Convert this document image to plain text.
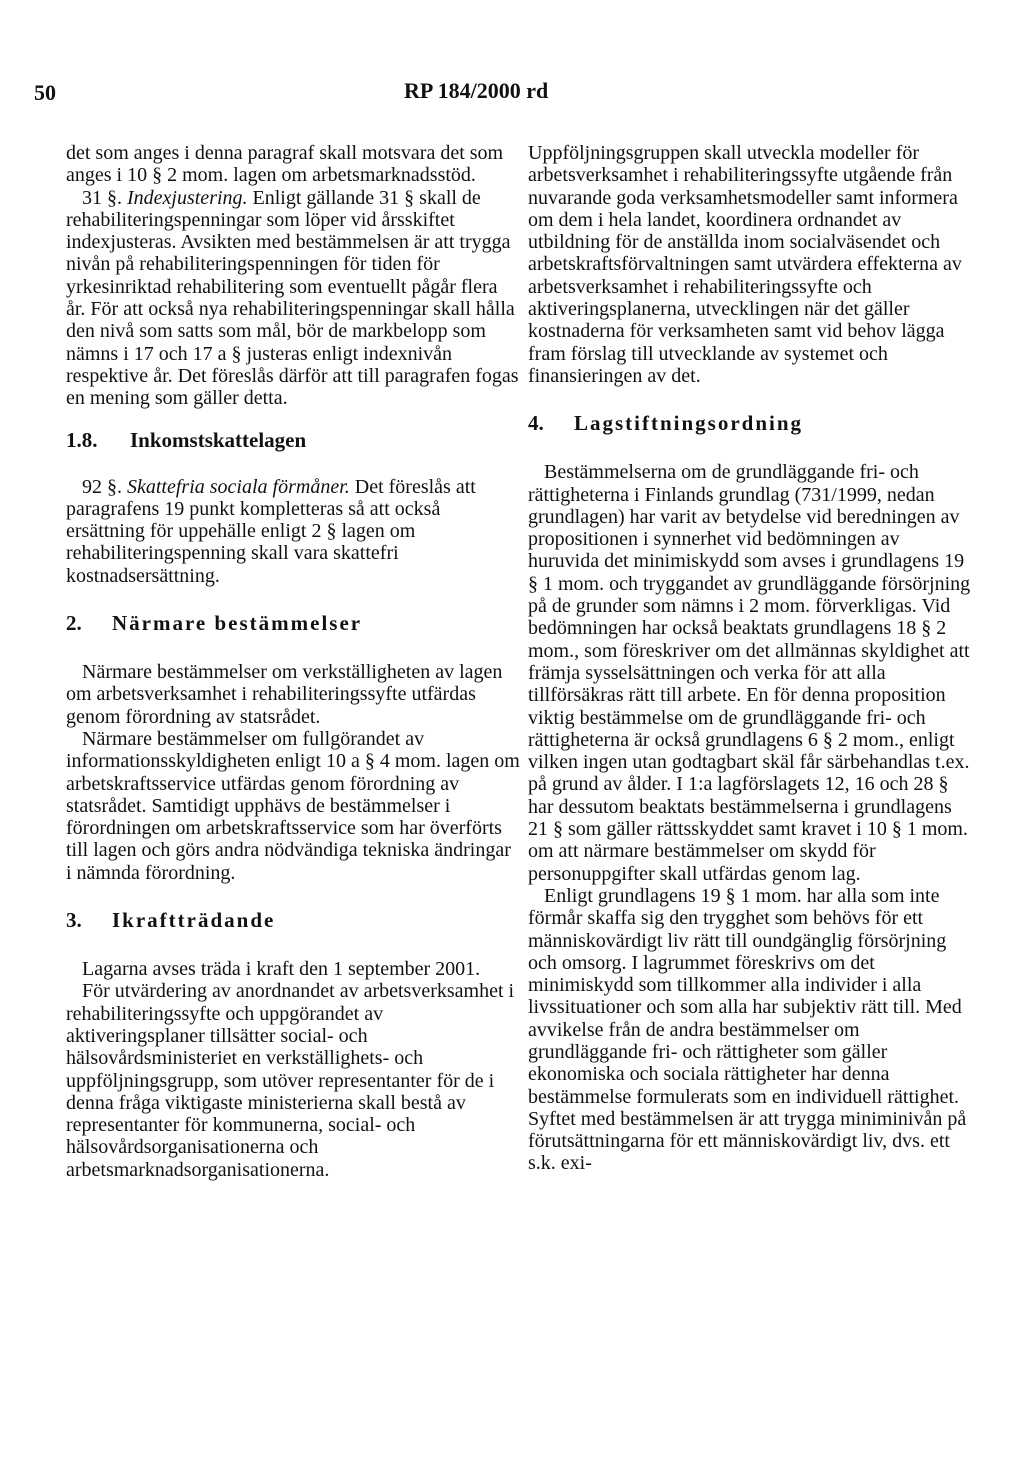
50	RP 184/2000 rd

det som anges i denna paragraf skall motsvara det som anges i 10 § 2 mom. lagen om arbetsmarknadsstöd.

31 §. Indexjustering. Enligt gällande 31 § skall de rehabiliteringspenningar som löper vid årsskiftet indexjusteras. Avsikten med bestämmelsen är att trygga nivån på rehabiliteringspenningen för tiden för yrkesinriktad rehabilitering som eventuellt pågår flera år. För att också nya rehabiliteringspenningar skall hålla den nivå som satts som mål, bör de markbelopp som nämns i 17 och 17 a § justeras enligt indexnivån respektive år. Det föreslås därför att till paragrafen fogas en mening som gäller detta.

1.8. Inkomstskattelagen

92 §. Skattefria sociala förmåner. Det föreslås att paragrafens 19 punkt kompletteras så att också ersättning för uppehälle enligt 2 § lagen om rehabiliteringspenning skall vara skattefri kostnadsersättning.

2. Närmare bestämmelser

Närmare bestämmelser om verkställigheten av lagen om arbetsverksamhet i rehabiliteringssyfte utfärdas genom förordning av statsrådet.

Närmare bestämmelser om fullgörandet av informationsskyldigheten enligt 10 a § 4 mom. lagen om arbetskraftsservice utfärdas genom förordning av statsrådet. Samtidigt upphävs de bestämmelser i förordningen om arbetskraftsservice som har överförts till lagen och görs andra nödvändiga tekniska ändringar i nämnda förordning.

3. Ikraftträdande

Lagarna avses träda i kraft den 1 september 2001.

För utvärdering av anordnandet av arbetsverksamhet i rehabiliteringssyfte och uppgörandet av aktiveringsplaner tillsätter social- och hälsovårdsministeriet en verkställighets- och uppföljningsgrupp, som utöver representanter för de i denna fråga viktigaste ministerierna skall bestå av representanter för kommunerna, social- och hälsovårdsorganisationerna och arbetsmarknadsorganisationerna.

Uppföljningsgruppen skall utveckla modeller för arbetsverksamhet i rehabiliteringssyfte utgående från nuvarande goda verksamhetsmodeller samt informera om dem i hela landet, koordinera ordnandet av utbildning för de anställda inom socialväsendet och arbetskraftsförvaltningen samt utvärdera effekterna av arbetsverksamhet i rehabiliteringssyfte och aktiveringsplanerna, utvecklingen när det gäller kostnaderna för verksamheten samt vid behov lägga fram förslag till utvecklande av systemet och finansieringen av det.

4. Lagstiftningsordning

Bestämmelserna om de grundläggande fri- och rättigheterna i Finlands grundlag (731/1999, nedan grundlagen) har varit av betydelse vid beredningen av propositionen i synnerhet vid bedömningen av huruvida det minimiskydd som avses i grundlagens 19 § 1 mom. och tryggandet av grundläggande försörjning på de grunder som nämns i 2 mom. förverkligas. Vid bedömningen har också beaktats grundlagens 18 § 2 mom., som föreskriver om det allmännas skyldighet att främja sysselsättningen och verka för att alla tillförsäkras rätt till arbete. En för denna proposition viktig bestämmelse om de grundläggande fri- och rättigheterna är också grundlagens 6 § 2 mom., enligt vilken ingen utan godtagbart skäl får särbehandlas t.ex. på grund av ålder. I 1:a lagförslagets 12, 16 och 28 § har dessutom beaktats bestämmelserna i grundlagens 21 § som gäller rättsskyddet samt kravet i 10 § 1 mom. om att närmare bestämmelser om skydd för personuppgifter skall utfärdas genom lag.

Enligt grundlagens 19 § 1 mom. har alla som inte förmår skaffa sig den trygghet som behövs för ett människovärdigt liv rätt till oundgänglig försörjning och omsorg. I lagrummet föreskrivs om det minimiskydd som tillkommer alla individer i alla livssituationer och som alla har subjektiv rätt till. Med avvikelse från de andra bestämmelser om grundläggande fri- och rättigheter som gäller ekonomiska och sociala rättigheter har denna bestämmelse formulerats som en individuell rättighet. Syftet med bestämmelsen är att trygga miniminivån på förutsättningarna för ett människovärdigt liv, dvs. ett s.k. exi-
